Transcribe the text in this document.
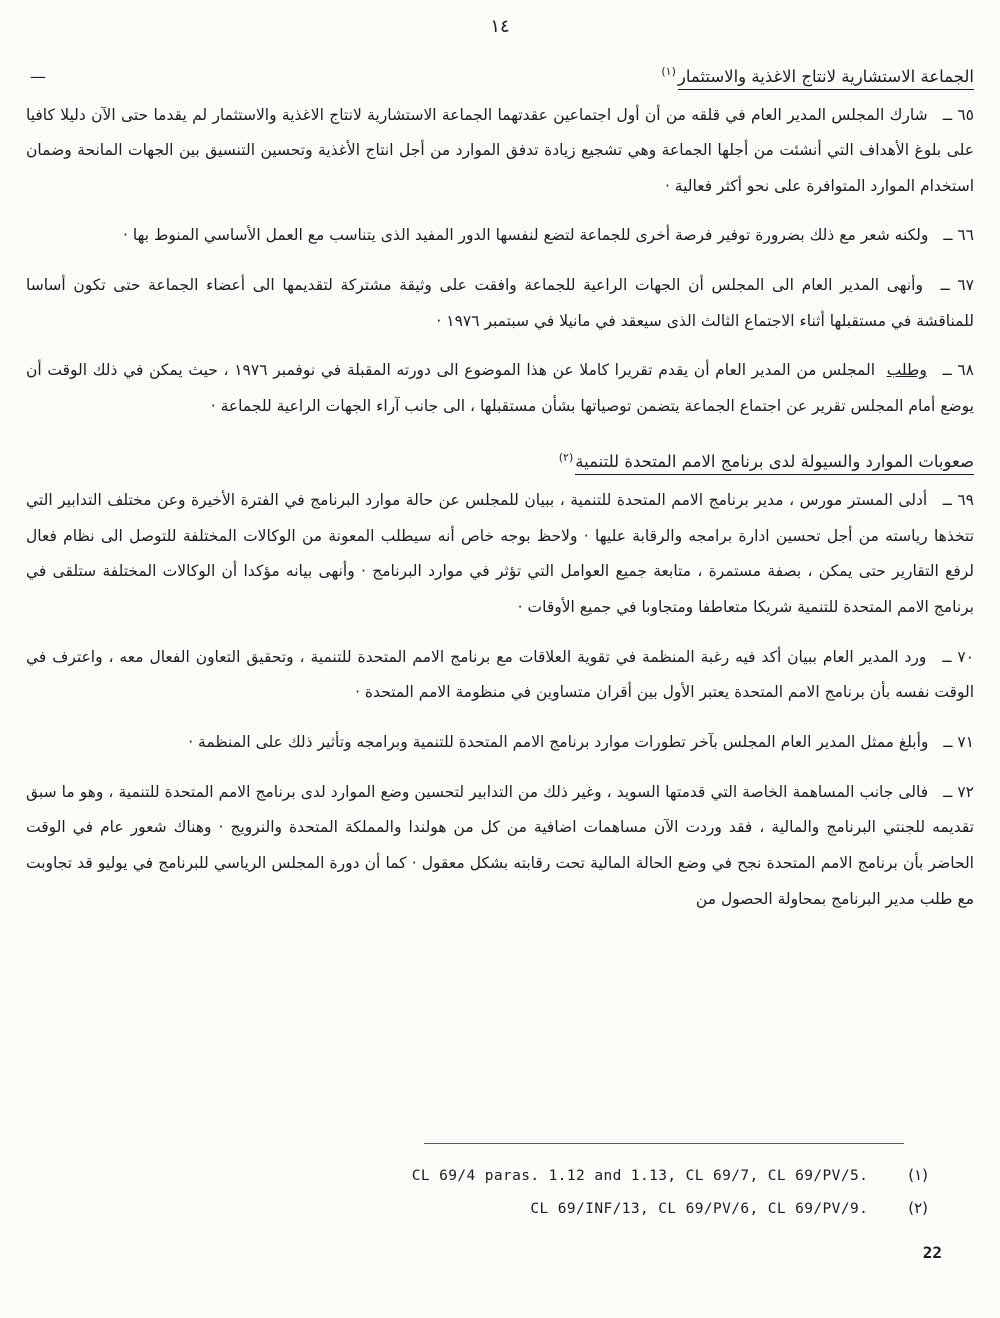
١٤
—	الجماعة الاستشارية لانتاج الاغذية والاستثمار$^{(١)}$

٦٥ ــ شارك المجلس المدير العام في قلقه من أن أول اجتماعين عقدتهما الجماعة الاستشارية لانتاج الاغذية والاستثمار لم يقدما حتى الآن دليلا كافيا على بلوغ الأهداف التي أنشئت من أجلها الجماعة وهي تشجيع زيادة تدفق الموارد من أجل انتاج الأغذية وتحسين التنسيق بين الجهات المانحة وضمان استخدام الموارد المتوافرة على نحو أكثر فعالية ·

٦٦ ــ ولكنه شعر مع ذلك بضرورة توفير فرصة أخرى للجماعة لتضع لنفسها الدور المفيد الذى يتناسب مع العمل الأساسي المنوط بها ·

٦٧ ــ وأنهى المدير العام الى المجلس أن الجهات الراعية للجماعة وافقت على وثيقة مشتركة لتقديمها الى أعضاء الجماعة حتى تكون أساسا للمناقشة في مستقبلها أثناء الاجتماع الثالث الذى سيعقد في مانيلا في سبتمبر ١٩٧٦ ·

٦٨ ــ وطلب المجلس من المدير العام أن يقدم تقريرا كاملا عن هذا الموضوع الى دورته المقبلة في نوفمبر ١٩٧٦ ، حيث يمكن في ذلك الوقت أن يوضع أمام المجلس تقرير عن اجتماع الجماعة يتضمن توصياتها بشأن مستقبلها ، الى جانب آراء الجهات الراعية للجماعة ·

صعوبات الموارد والسيولة لدى برنامج الامم المتحدة للتنمية$^{(٢)}$

٦٩ ــ أدلى المستر مورس ، مدير برنامج الامم المتحدة للتنمية ، ببيان للمجلس عن حالة موارد البرنامج في الفترة الأخيرة وعن مختلف التدابير التي تتخذها رياسته من أجل تحسين ادارة برامجه والرقابة عليها · ولاحظ بوجه خاص أنه سيطلب المعونة من الوكالات المختلفة للتوصل الى نظام فعال لرفع التقارير حتى يمكن ، بصفة مستمرة ، متابعة جميع العوامل التي تؤثر في موارد البرنامج · وأنهى بيانه مؤكدا أن الوكالات المختلفة ستلقى في برنامج الامم المتحدة للتنمية شريكا متعاطفا ومتجاوبا في جميع الأوقات ·

٧٠ ــ ورد المدير العام ببيان أكد فيه رغبة المنظمة في تقوية العلاقات مع برنامج الامم المتحدة للتنمية ، وتحقيق التعاون الفعال معه ، واعترف في الوقت نفسه بأن برنامج الامم المتحدة يعتبر الأول بين أقران متساوين في منظومة الامم المتحدة ·

٧١ ــ وأبلغ ممثل المدير العام المجلس بآخر تطورات موارد برنامج الامم المتحدة للتنمية وبرامجه وتأثير ذلك على المنظمة ·

٧٢ ــ فالى جانب المساهمة الخاصة التي قدمتها السويد ، وغير ذلك من التدابير لتحسين وضع الموارد لدى برنامج الامم المتحدة للتنمية ، وهو ما سبق تقديمه للجنتي البرنامج والمالية ، فقد وردت الآن مساهمات اضافية من كل من هولندا والمملكة المتحدة والنرويج · وهناك شعور عام في الوقت الحاضر بأن برنامج الامم المتحدة نجح في وضع الحالة المالية تحت رقابته بشكل معقول · كما أن دورة المجلس الرياسي للبرنامج في يوليو قد تجاوبت مع طلب مدير البرنامج بمحاولة الحصول من

(١)
CL 69/4 paras. 1.12 and 1.13, CL 69/7, CL 69/PV/5.
(٢)
CL 69/INF/13, CL 69/PV/6, CL 69/PV/9.
22
